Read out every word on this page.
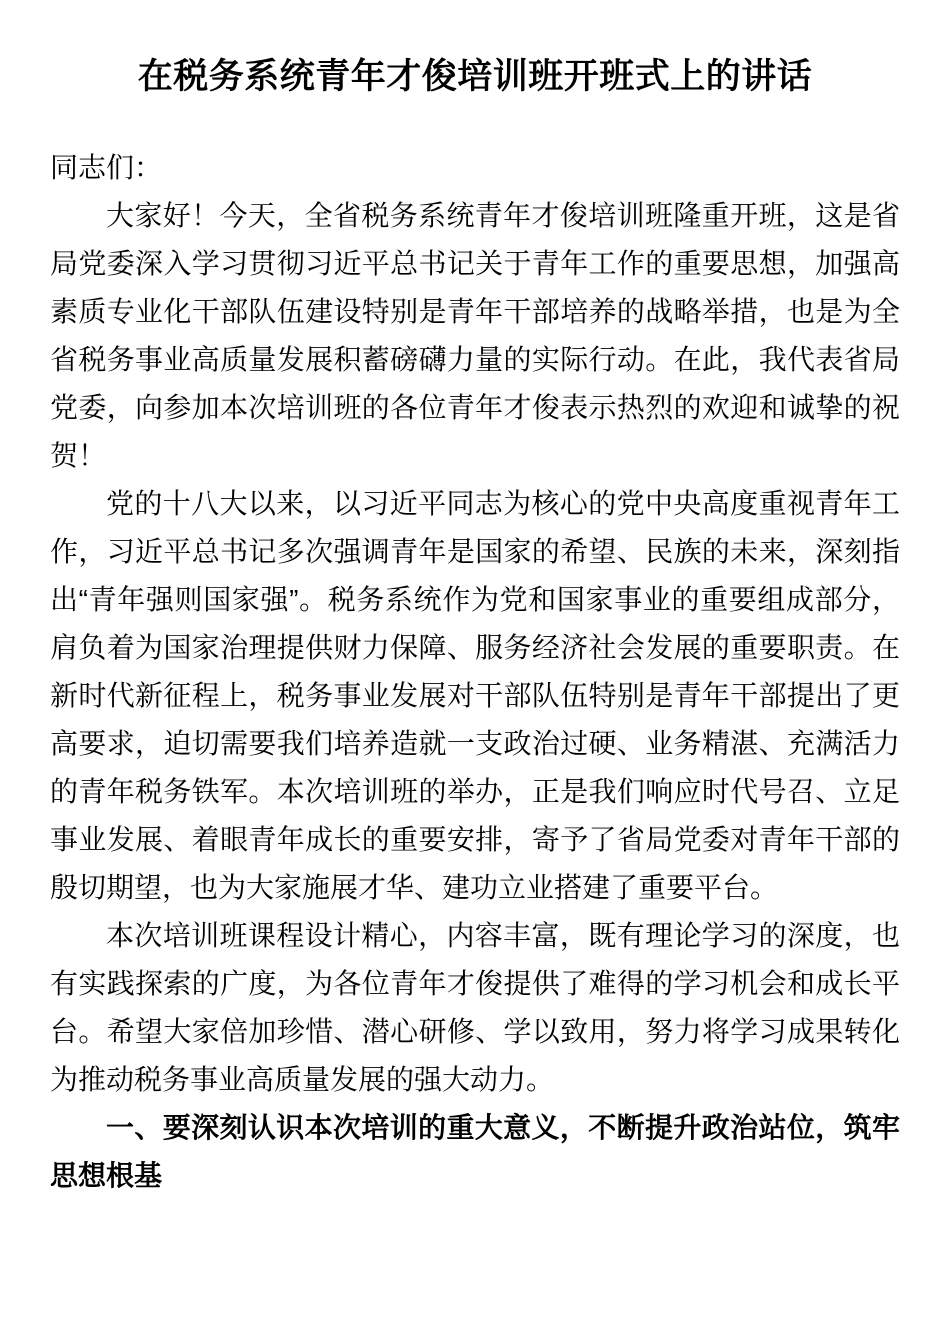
在税务系统青年才俊培训班开班式上的讲话
同志们：

大家好！今天，全省税务系统青年才俊培训班隆重开班，这是省局党委深入学习贯彻习近平总书记关于青年工作的重要思想，加强高素质专业化干部队伍建设特别是青年干部培养的战略举措，也是为全省税务事业高质量发展积蓄磅礴力量的实际行动。在此，我代表省局党委，向参加本次培训班的各位青年才俊表示热烈的欢迎和诚挚的祝贺！

党的十八大以来，以习近平同志为核心的党中央高度重视青年工作，习近平总书记多次强调青年是国家的希望、民族的未来，深刻指出“青年强则国家强”。税务系统作为党和国家事业的重要组成部分，肩负着为国家治理提供财力保障、服务经济社会发展的重要职责。在新时代新征程上，税务事业发展对干部队伍特别是青年干部提出了更高要求，迫切需要我们培养造就一支政治过硬、业务精湛、充满活力的青年税务铁军。本次培训班的举办，正是我们响应时代号召、立足事业发展、着眼青年成长的重要安排，寄予了省局党委对青年干部的殷切期望，也为大家施展才华、建功立业搭建了重要平台。

本次培训班课程设计精心，内容丰富，既有理论学习的深度，也有实践探索的广度，为各位青年才俊提供了难得的学习机会和成长平台。希望大家倍加珍惜、潜心研修、学以致用，努力将学习成果转化为推动税务事业高质量发展的强大动力。

一、要深刻认识本次培训的重大意义，不断提升政治站位，筑牢思想根基
